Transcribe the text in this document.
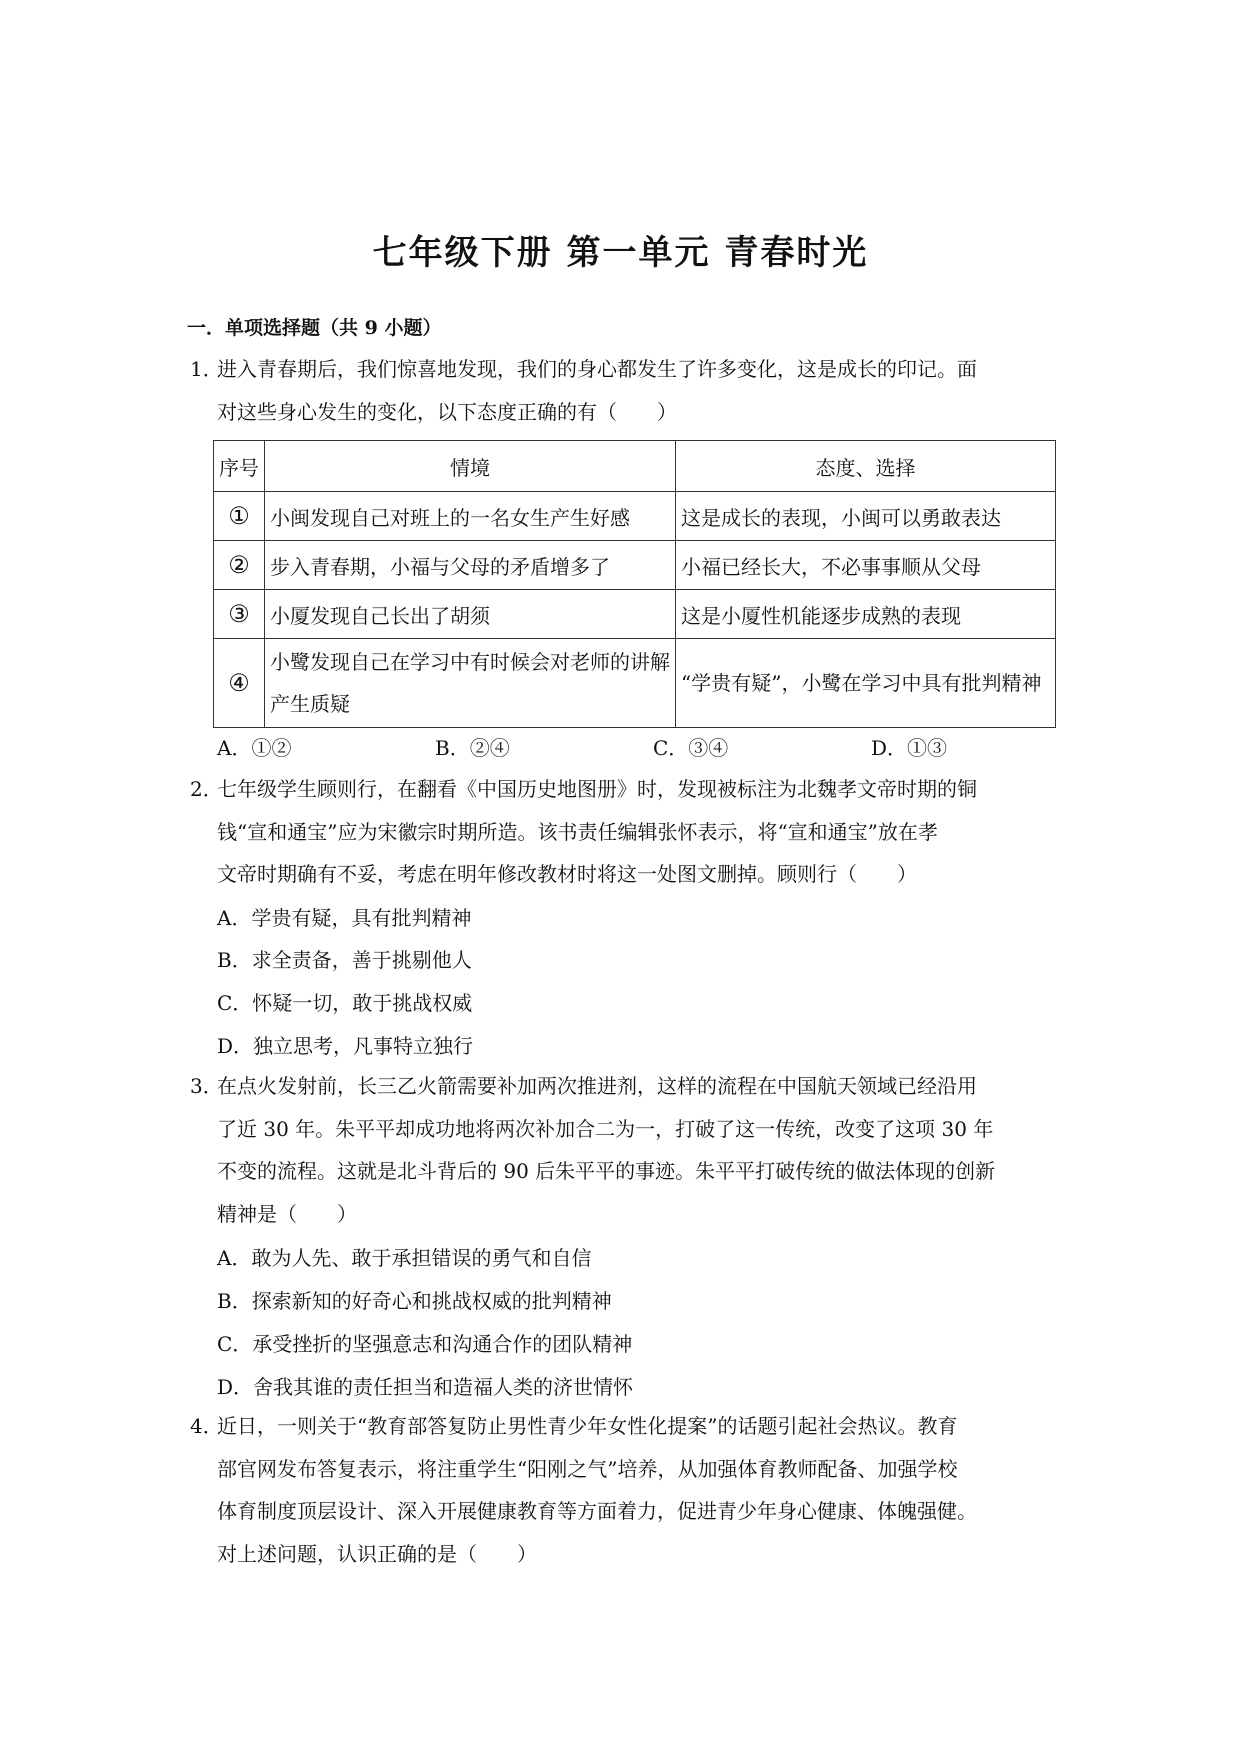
七年级下册 第一单元 青春时光
一．单项选择题（共 9 小题）
1．
进入青春期后，我们惊喜地发现，我们的身心都发生了许多变化，这是成长的印记。面
对这些身心发生的变化，以下态度正确的有（　　）
序号	情境	态度、选择
①	小闽发现自己对班上的一名女生产生好感	这是成长的表现，小闽可以勇敢表达
②	步入青春期，小福与父母的矛盾增多了	小福已经长大，不必事事顺从父母
③	小厦发现自己长出了胡须	这是小厦性机能逐步成熟的表现
④	小鹭发现自己在学习中有时候会对老师的讲解产生质疑	“学贵有疑”，小鹭在学习中具有批判精神
A．①②	B．②④	C．③④	D．①③
2．
七年级学生顾则行，在翻看《中国历史地图册》时，发现被标注为北魏孝文帝时期的铜
钱“宣和通宝”应为宋徽宗时期所造。该书责任编辑张怀表示，将“宣和通宝”放在孝
文帝时期确有不妥，考虑在明年修改教材时将这一处图文删掉。顾则行（　　）
A．学贵有疑，具有批判精神
B．求全责备，善于挑剔他人
C．怀疑一切，敢于挑战权威
D．独立思考，凡事特立独行
3．
在点火发射前，长三乙火箭需要补加两次推进剂，这样的流程在中国航天领域已经沿用
了近 30 年。朱平平却成功地将两次补加合二为一，打破了这一传统，改变了这项 30 年
不变的流程。这就是北斗背后的 90 后朱平平的事迹。朱平平打破传统的做法体现的创新
精神是（　　）
A．敢为人先、敢于承担错误的勇气和自信
B．探索新知的好奇心和挑战权威的批判精神
C．承受挫折的坚强意志和沟通合作的团队精神
D．舍我其谁的责任担当和造福人类的济世情怀
4．
近日，一则关于“教育部答复防止男性青少年女性化提案”的话题引起社会热议。教育
部官网发布答复表示，将注重学生“阳刚之气”培养，从加强体育教师配备、加强学校
体育制度顶层设计、深入开展健康教育等方面着力，促进青少年身心健康、体魄强健。
对上述问题，认识正确的是（　　）
